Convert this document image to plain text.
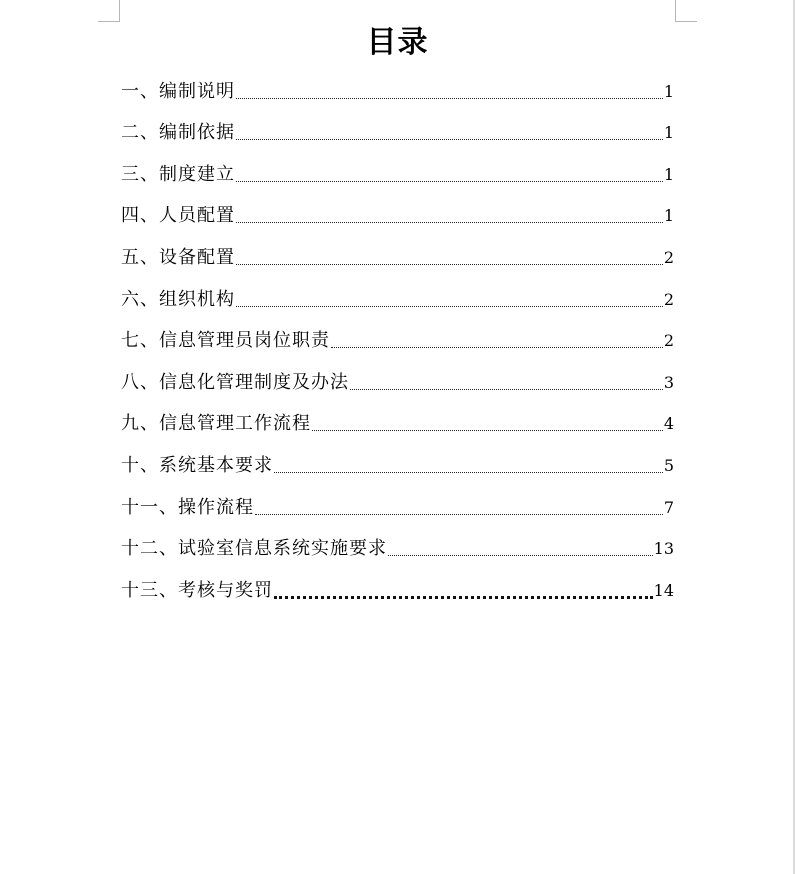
目录
一、编制说明	1
二、编制依据	1
三、制度建立	1
四、人员配置	1
五、设备配置	2
六、组织机构	2
七、信息管理员岗位职责	2
八、信息化管理制度及办法	3
九、信息管理工作流程	4
十、系统基本要求	5
十一、操作流程	7
十二、试验室信息系统实施要求	13
十三、考核与奖罚	14
